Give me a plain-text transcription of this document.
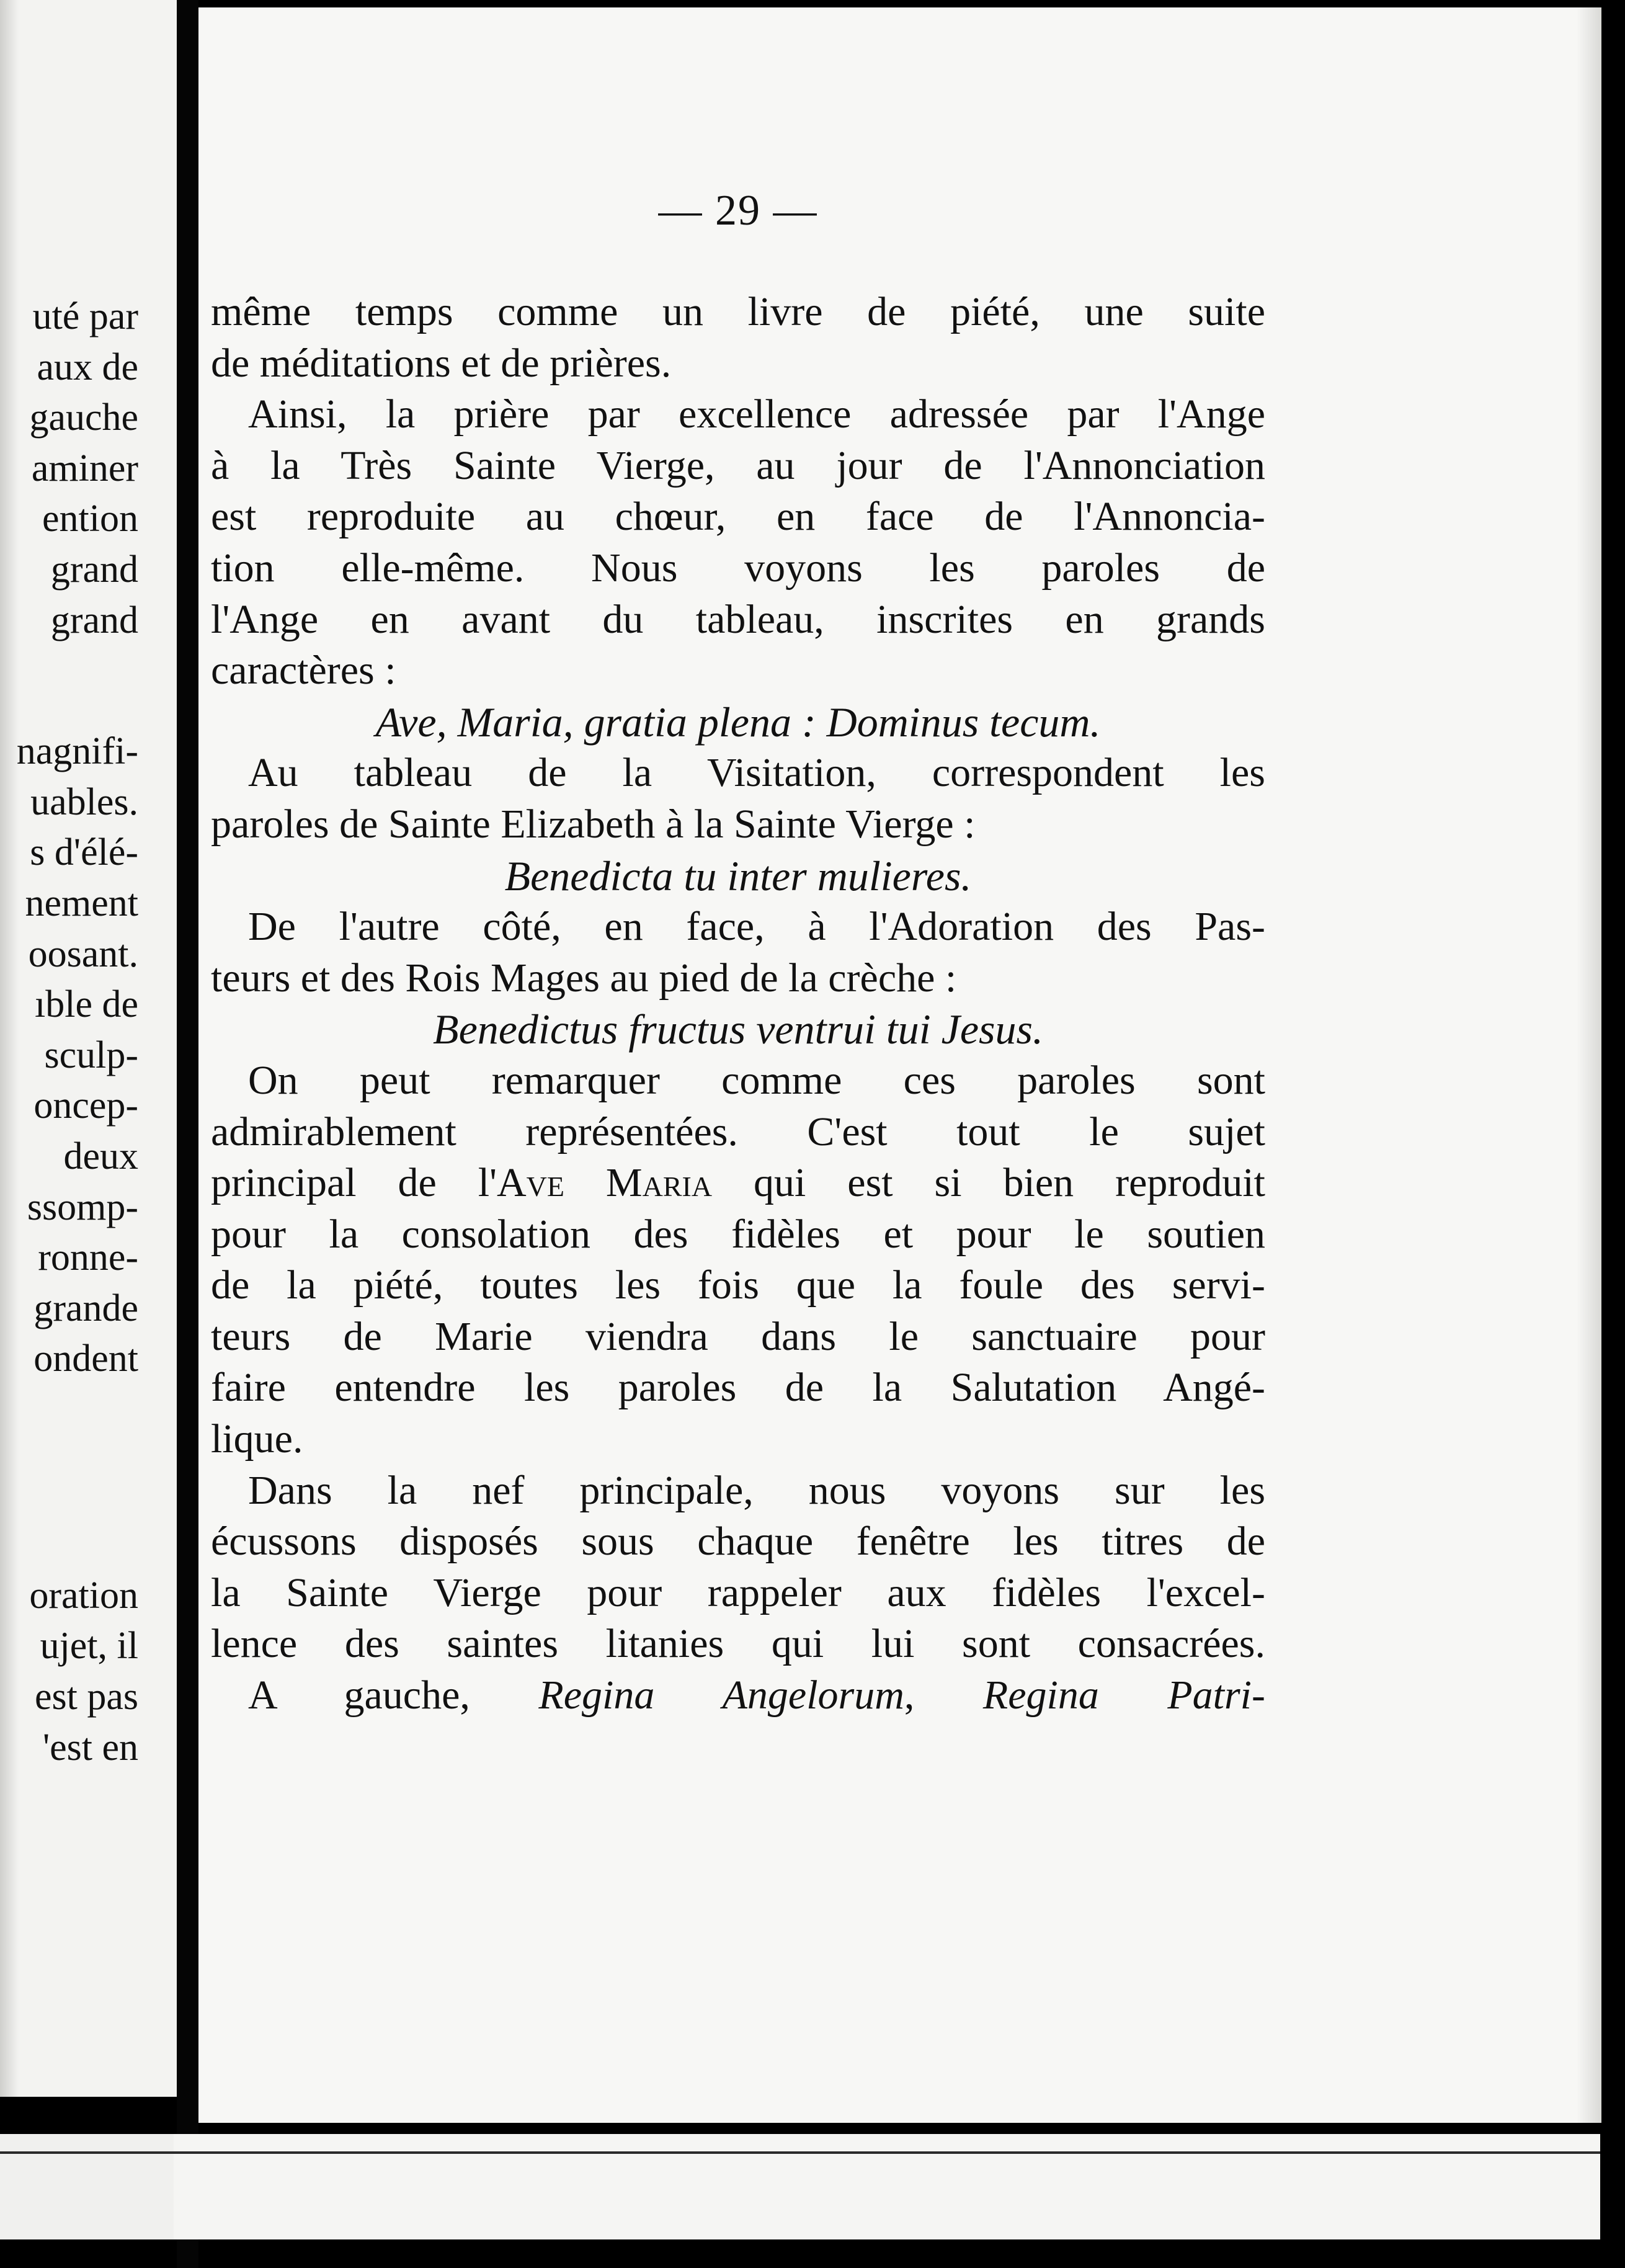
uté par
aux de
gauche
aminer
ention
grand
grand
nagnifi-
uables.
s d'élé-
nement
oosant.
ıble de
sculp-
oncep-
deux
ssomp-
ronne-
grande
ondent
oration
ujet, il
est pas
'est en
— 29 —
même temps comme un livre de piété, une suite
de méditations et de prières.
Ainsi, la prière par excellence adressée par l'Ange
à la Très Sainte Vierge, au jour de l'Annonciation
est reproduite au chœur, en face de l'Annoncia-
tion elle-même. Nous voyons les paroles de
l'Ange en avant du tableau, inscrites en grands
caractères :
Ave, Maria, gratia plena : Dominus tecum.
Au tableau de la Visitation, correspondent les
paroles de Sainte Elizabeth à la Sainte Vierge :
Benedicta tu inter mulieres.
De l'autre côté, en face, à l'Adoration des Pas-
teurs et des Rois Mages au pied de la crèche :
Benedictus fructus ventrui tui Jesus.
On peut remarquer comme ces paroles sont
admirablement représentées. C'est tout le sujet
principal de l'Ave Maria qui est si bien reproduit
pour la consolation des fidèles et pour le soutien
de la piété, toutes les fois que la foule des servi-
teurs de Marie viendra dans le sanctuaire pour
faire entendre les paroles de la Salutation Angé-
lique.
Dans la nef principale, nous voyons sur les
écussons disposés sous chaque fenêtre les titres de
la Sainte Vierge pour rappeler aux fidèles l'excel-
lence des saintes litanies qui lui sont consacrées.
A gauche, Regina Angelorum, Regina Patri-
